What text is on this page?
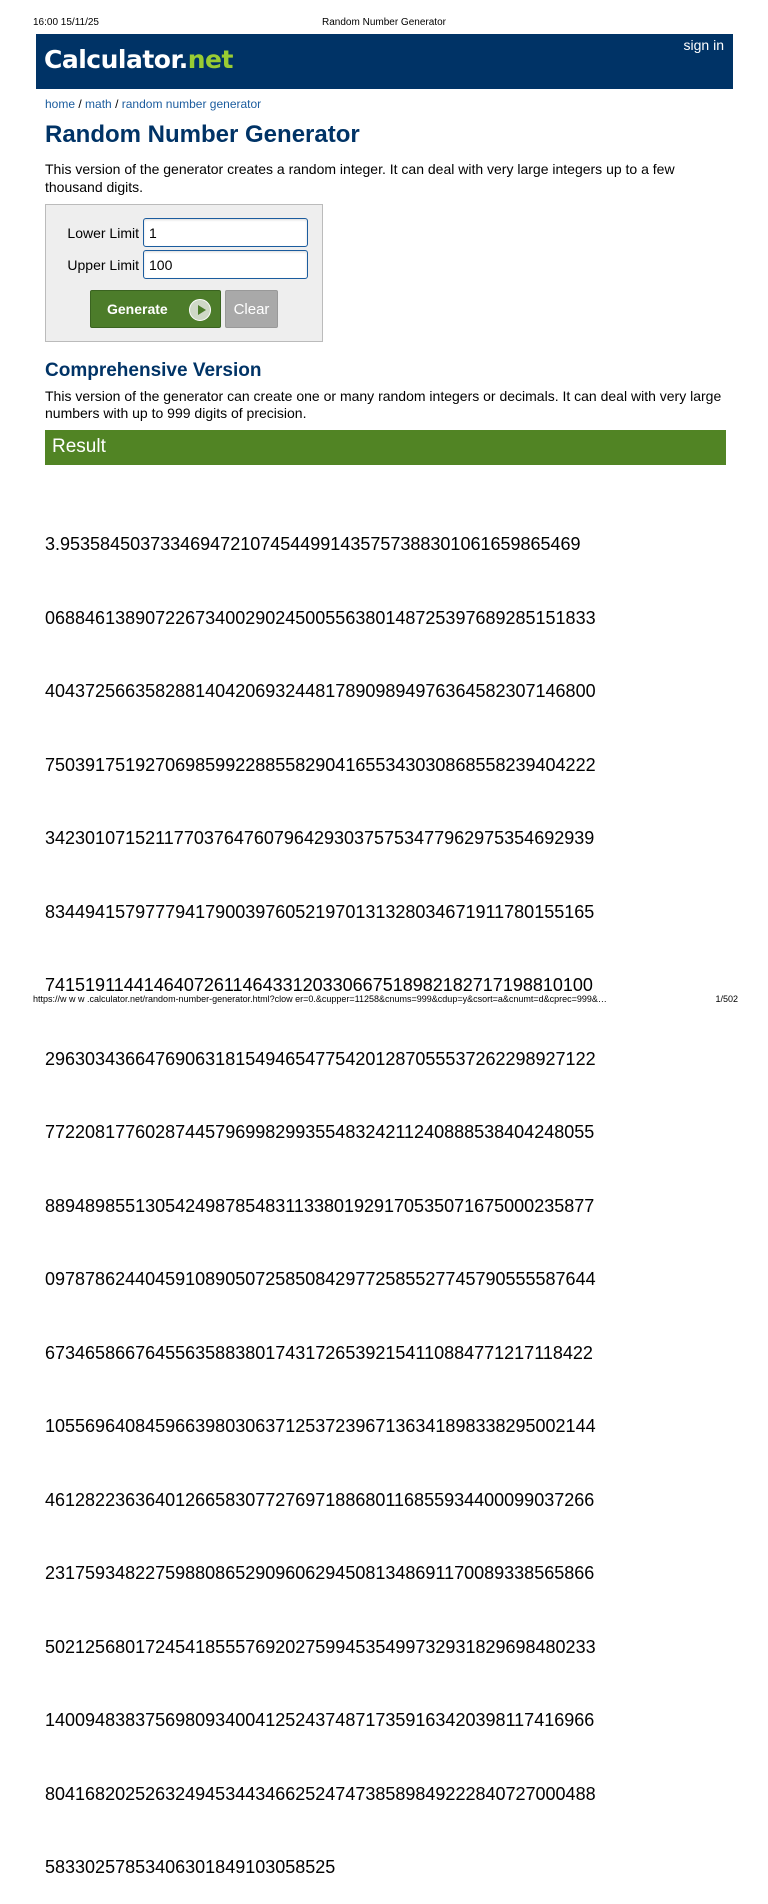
16:00 15/11/25	Random Number Generator
Calculator.net	sign in
home / math / random number generator
Random Number Generator

This version of the generator creates a random integer. It can deal with very large integers up to a few thousand digits.

Lower Limit
1
Upper Limit
100
Generate	Clear
Comprehensive Version

This version of the generator can create one or many random integers or decimals. It can deal with very large numbers with up to 999 digits of precision.

Result

3.9535845037334694721074544991435757388301061659865469

0688461389072267340029024500556380148725397689285151833

4043725663582881404206932448178909894976364582307146800

7503917519270698599228855829041655343030868558239404222

3423010715211770376476079642930375753477962975354692939

8344941579777941790039760521970131328034671911780155165

7415191144146407261146433120330667518982182717198810100

2963034366476906318154946547754201287055537262298927122

7722081776028744579699829935548324211240888538404248055

8894898551305424987854831133801929170535071675000235877

0978786244045910890507258508429772585527745790555587644

6734658667645563588380174317265392154110884771217118422

1055696408459663980306371253723967136341898338295002144

4612822363640126658307727697188680116855934400099037266

2317593482275988086529096062945081348691170089338565866

5021256801724541855576920275994535499732931829698480233

1400948383756980934004125243748717359163420398117416966

8041682025263249453443466252474738589849222840727000488

58330257853406301849103058525

https://w w w .calculator.net/random-number-generator.html?clow er=0.&cupper=11258&cnums=999&cdup=y&csort=a&cnumt=d&cprec=999&…	1/502
